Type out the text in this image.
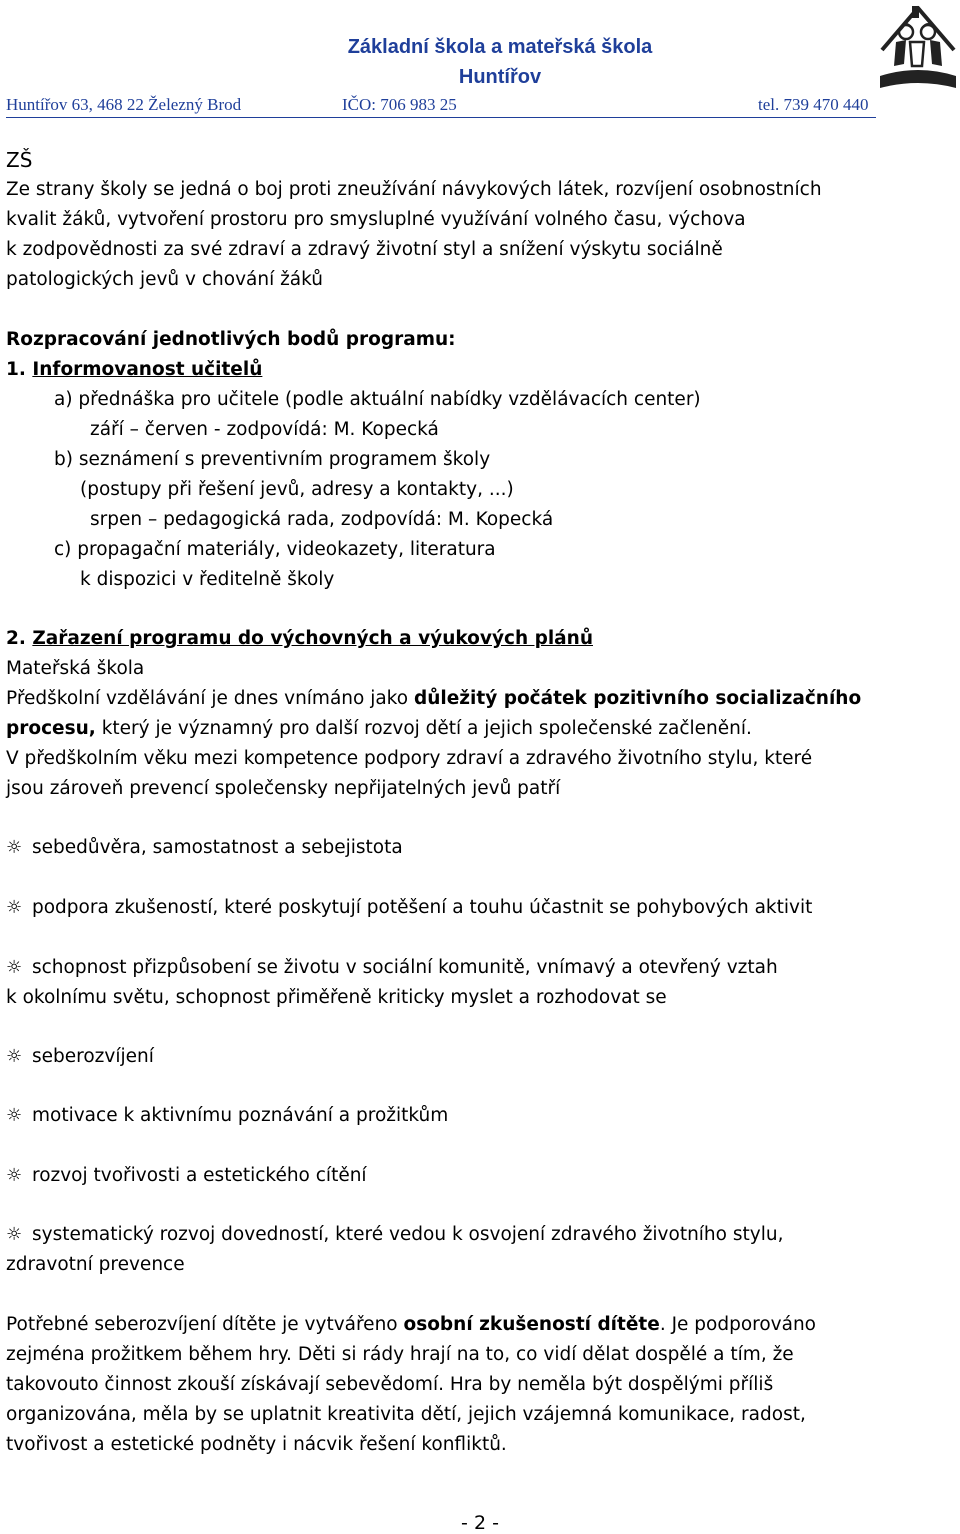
Základní škola a mateřská škola
Huntířov
Huntířov 63, 468 22 Železný Brod	IČO: 706 983 25	tel. 739 470 440
ZŠ
Ze strany školy se jedná o boj proti zneužívání návykových látek, rozvíjení osobnostních
kvalit žáků, vytvoření prostoru pro smysluplné využívání volného času, výchova
k zodpovědnosti za své zdraví a zdravý životní styl a snížení výskytu sociálně
patologických jevů v chování žáků
Rozpracování jednotlivých bodů programu:
1. Informovanost učitelů
a) přednáška pro učitele (podle aktuální nabídky vzdělávacích center)
září – červen - zodpovídá: M. Kopecká
b) seznámení s preventivním programem školy
(postupy při řešení jevů, adresy a kontakty, ...)
srpen – pedagogická rada, zodpovídá: M. Kopecká
c) propagační materiály, videokazety, literatura
k dispozici v ředitelně školy
2. Zařazení programu do výchovných a výukových plánů
Mateřská škola
Předškolní vzdělávání je dnes vnímáno jako důležitý počátek pozitivního socializačního
procesu, který je významný pro další rozvoj dětí a jejich společenské začlenění.
V předškolním věku mezi kompetence podpory zdraví a zdravého životního stylu, které
jsou zároveň prevencí společensky nepřijatelných jevů patří
☼ sebedůvěra, samostatnost a sebejistota
☼ podpora zkušeností, které poskytují potěšení a touhu účastnit se pohybových aktivit
☼ schopnost přizpůsobení se životu v sociální komunitě, vnímavý a otevřený vztah
k okolnímu světu, schopnost přiměřeně kriticky myslet a rozhodovat se
☼ seberozvíjení
☼ motivace k aktivnímu poznávání a prožitkům
☼ rozvoj tvořivosti a estetického cítění
☼ systematický rozvoj dovedností, které vedou k osvojení zdravého životního stylu,
zdravotní prevence
Potřebné seberozvíjení dítěte je vytvářeno osobní zkušeností dítěte. Je podporováno
zejména prožitkem během hry. Děti si rády hrají na to, co vidí dělat dospělé a tím, že
takovouto činnost zkouší získávají sebevědomí. Hra by neměla být dospělými příliš
organizována, měla by se uplatnit kreativita dětí, jejich vzájemná komunikace, radost,
tvořivost a estetické podněty i nácvik řešení konfliktů.
- 2 -
